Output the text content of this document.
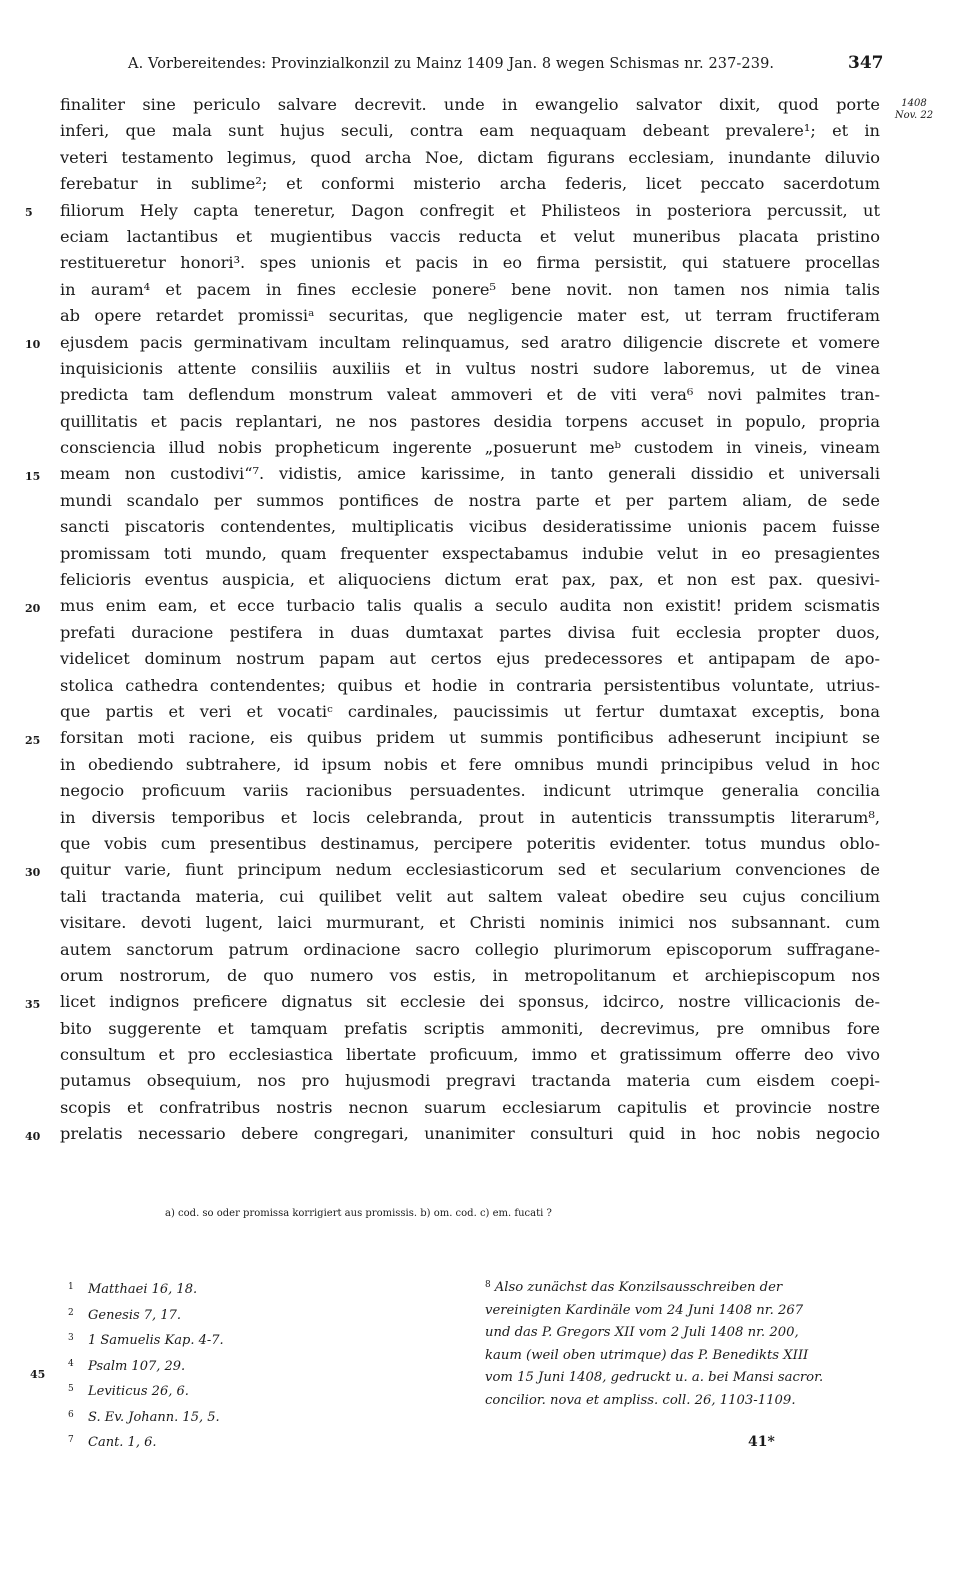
A. Vorbereitendes: Provinzialkonzil zu Mainz 1409 Jan. 8 wegen Schismas nr. 237-239.	347
1408
Nov. 22
finaliter sine periculo salvare decrevit. unde in ewangelio salvator dixit, quod porte
inferi, que mala sunt hujus seculi, contra eam nequaquam debeant prevalere¹; et in
veteri testamento legimus, quod archa Noe, dictam figurans ecclesiam, inundante diluvio
ferebatur in sublime²; et conformi misterio archa federis, licet peccato sacerdotum
filiorum Hely capta teneretur, Dagon confregit et Philisteos in posteriora percussit, ut
eciam lactantibus et mugientibus vaccis reducta et velut muneribus placata pristino
restitueretur honori³. spes unionis et pacis in eo firma persistit, qui statuere procellas
in auram⁴ et pacem in fines ecclesie ponere⁵ bene novit. non tamen nos nimia talis
ab opere retardet promissiᵃ securitas, que negligencie mater est, ut terram fructiferam
ejusdem pacis germinativam incultam relinquamus, sed aratro diligencie discrete et vomere
inquisicionis attente consiliis auxiliis et in vultus nostri sudore laboremus, ut de vinea
predicta tam deflendum monstrum valeat ammoveri et de viti vera⁶ novi palmites tran-
quillitatis et pacis replantari, ne nos pastores desidia torpens accuset in populo, propria
consciencia illud nobis propheticum ingerente „posuerunt meᵇ custodem in vineis, vineam
meam non custodivi“⁷. vidistis, amice karissime, in tanto generali dissidio et universali
mundi scandalo per summos pontifices de nostra parte et per partem aliam, de sede
sancti piscatoris contendentes, multiplicatis vicibus desideratissime unionis pacem fuisse
promissam toti mundo, quam frequenter exspectabamus indubie velut in eo presagientes
felicioris eventus auspicia, et aliquociens dictum erat pax, pax, et non est pax. quesivi-
mus enim eam, et ecce turbacio talis qualis a seculo audita non existit! pridem scismatis
prefati duracione pestifera in duas dumtaxat partes divisa fuit ecclesia propter duos,
videlicet dominum nostrum papam aut certos ejus predecessores et antipapam de apo-
stolica cathedra contendentes; quibus et hodie in contraria persistentibus voluntate, utrius-
que partis et veri et vocatiᶜ cardinales, paucissimis ut fertur dumtaxat exceptis, bona
forsitan moti racione, eis quibus pridem ut summis pontificibus adheserunt incipiunt se
in obediendo subtrahere, id ipsum nobis et fere omnibus mundi principibus velud in hoc
negocio proficuum variis racionibus persuadentes. indicunt utrimque generalia concilia
in diversis temporibus et locis celebranda, prout in autenticis transsumptis literarum⁸,
que vobis cum presentibus destinamus, percipere poteritis evidenter. totus mundus oblo-
quitur varie, fiunt principum nedum ecclesiasticorum sed et secularium convenciones de
tali tractanda materia, cui quilibet velit aut saltem valeat obedire seu cujus concilium
visitare. devoti lugent, laici murmurant, et Christi nominis inimici nos subsannant. cum
autem sanctorum patrum ordinacione sacro collegio plurimorum episcoporum suffragane-
orum nostrorum, de quo numero vos estis, in metropolitanum et archiepiscopum nos
licet indignos preficere dignatus sit ecclesie dei sponsus, idcirco, nostre villicacionis de-
bito suggerente et tamquam prefatis scriptis ammoniti, decrevimus, pre omnibus fore
consultum et pro ecclesiastica libertate proficuum, immo et gratissimum offerre deo vivo
putamus obsequium, nos pro hujusmodi pregravi tractanda materia cum eisdem coepi-
scopis et confratribus nostris necnon suarum ecclesiarum capitulis et provincie nostre
prelatis necessario debere congregari, unanimiter consulturi quid in hoc nobis negocio
5
10
15
20
25
30
35
40
a) cod. so oder promissa korrigiert aus promissis. b) om. cod. c) em. fucati ?
1 Matthaei 16, 18.
2 Genesis 7, 17.
3 1 Samuelis Kap. 4-7.
4 Psalm 107, 29.
5 Leviticus 26, 6.
6 S. Ev. Johann. 15, 5.
7 Cant. 1, 6.
45
$^8$ Also zunächst das Konzilsausschreiben der
vereinigten Kardinäle vom 24 Juni 1408 nr. 267
und das P. Gregors XII vom 2 Juli 1408 nr. 200,
kaum (weil oben utrimque) das P. Benedikts XIII
vom 15 Juni 1408, gedruckt u. a. bei Mansi sacror.
concilior. nova et ampliss. coll. 26, 1103-1109.
41*
